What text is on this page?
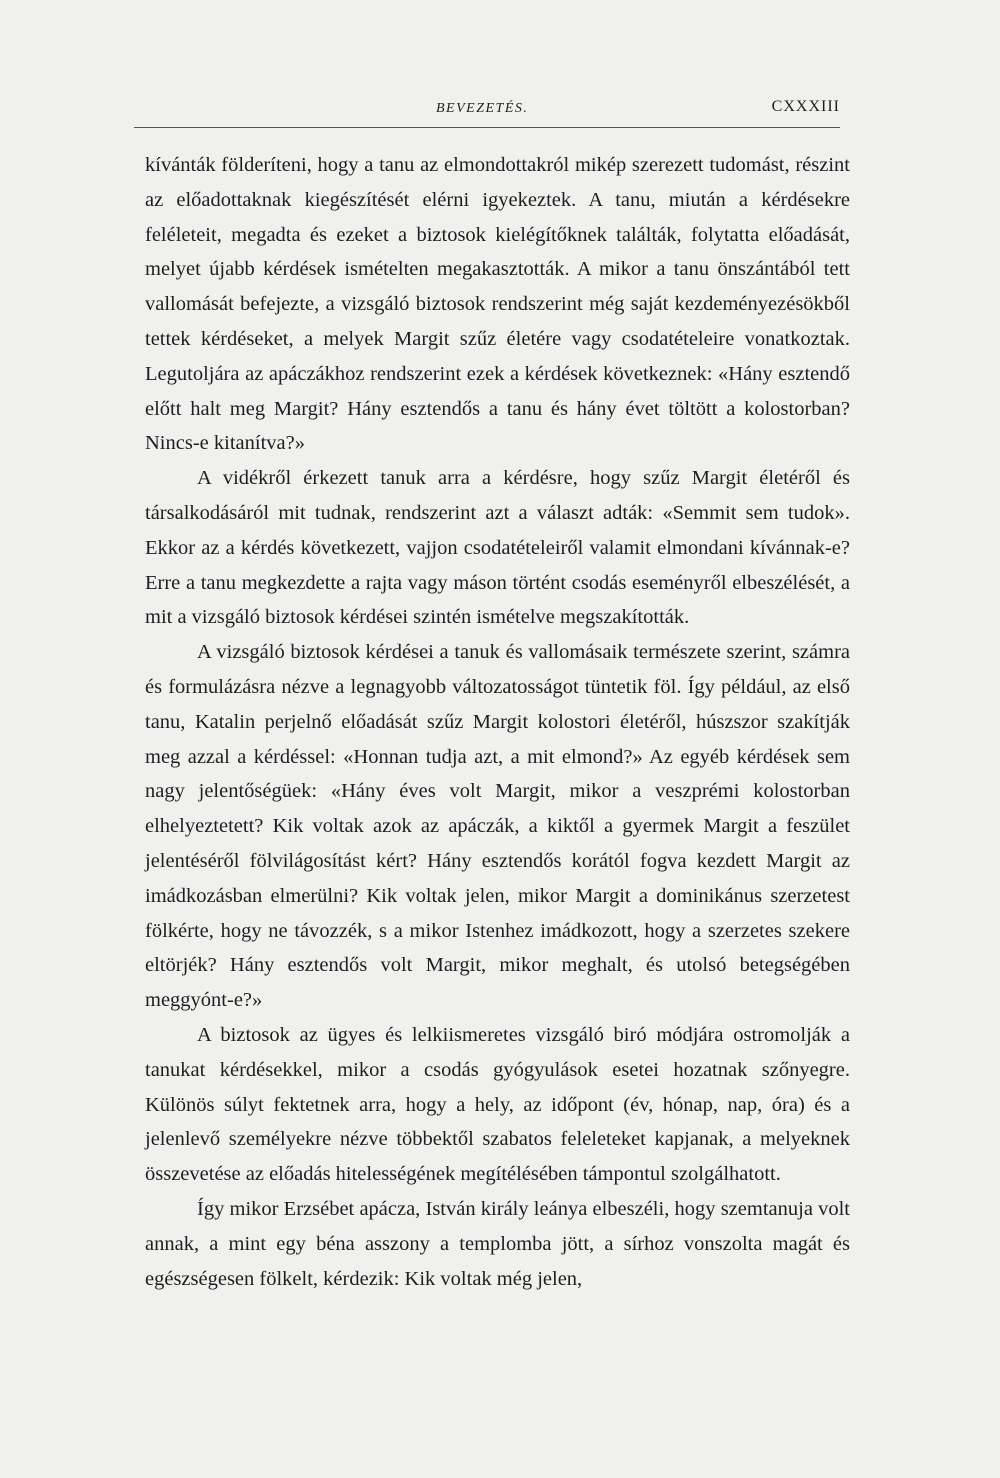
BEVEZETÉS.	CXXXIII

kívánták földeríteni, hogy a tanu az elmondottakról mikép szerezett tudomást, részint az előadottaknak kiegészítését elérni igyekeztek. A tanu, miután a kérdésekre feléleteit, megadta és ezeket a biztosok kielégítőknek találták, folytatta előadását, melyet újabb kérdések ismételten megakasztották. A mikor a tanu önszántából tett vallomását befejezte, a vizsgáló biztosok rendszerint még saját kezdeményezésökből tettek kérdéseket, a melyek Margit szűz életére vagy csodatételeire vonatkoztak. Legutoljára az apáczákhoz rendszerint ezek a kérdések következnek: «Hány esztendő előtt halt meg Margit? Hány esztendős a tanu és hány évet töltött a kolostorban? Nincs-e kitanítva?»

A vidékről érkezett tanuk arra a kérdésre, hogy szűz Margit életéről és társalkodásáról mit tudnak, rendszerint azt a választ adták: «Semmit sem tudok». Ekkor az a kérdés következett, vajjon csodatételeiről valamit elmondani kívánnak-e? Erre a tanu megkezdette a rajta vagy máson történt csodás eseményről elbeszélését, a mit a vizsgáló biztosok kérdései szintén ismételve megszakították.

A vizsgáló biztosok kérdései a tanuk és vallomásaik természete szerint, számra és formulázásra nézve a legnagyobb változatosságot tüntetik föl. Így például, az első tanu, Katalin perjelnő előadását szűz Margit kolostori életéről, húszszor szakítják meg azzal a kérdéssel: «Honnan tudja azt, a mit elmond?» Az egyéb kérdések sem nagy jelentőségüek: «Hány éves volt Margit, mikor a veszprémi kolostorban elhelyeztetett? Kik voltak azok az apáczák, a kiktől a gyermek Margit a feszület jelentéséről fölvilágosítást kért? Hány esztendős korától fogva kezdett Margit az imádkozásban elmerülni? Kik voltak jelen, mikor Margit a dominikánus szerzetest fölkérte, hogy ne távozzék, s a mikor Istenhez imádkozott, hogy a szerzetes szekere eltörjék? Hány esztendős volt Margit, mikor meghalt, és utolsó betegségében meggyónt-e?»

A biztosok az ügyes és lelkiismeretes vizsgáló biró módjára ostromolják a tanukat kérdésekkel, mikor a csodás gyógyulások esetei hozatnak szőnyegre. Különös súlyt fektetnek arra, hogy a hely, az időpont (év, hónap, nap, óra) és a jelenlevő személyekre nézve többektől szabatos feleleteket kapjanak, a melyeknek összevetése az előadás hitelességének megítélésében támpontul szolgálhatott.

Így mikor Erzsébet apácza, István király leánya elbeszéli, hogy szemtanuja volt annak, a mint egy béna asszony a templomba jött, a sírhoz vonszolta magát és egészségesen fölkelt, kérdezik: Kik voltak még jelen,
